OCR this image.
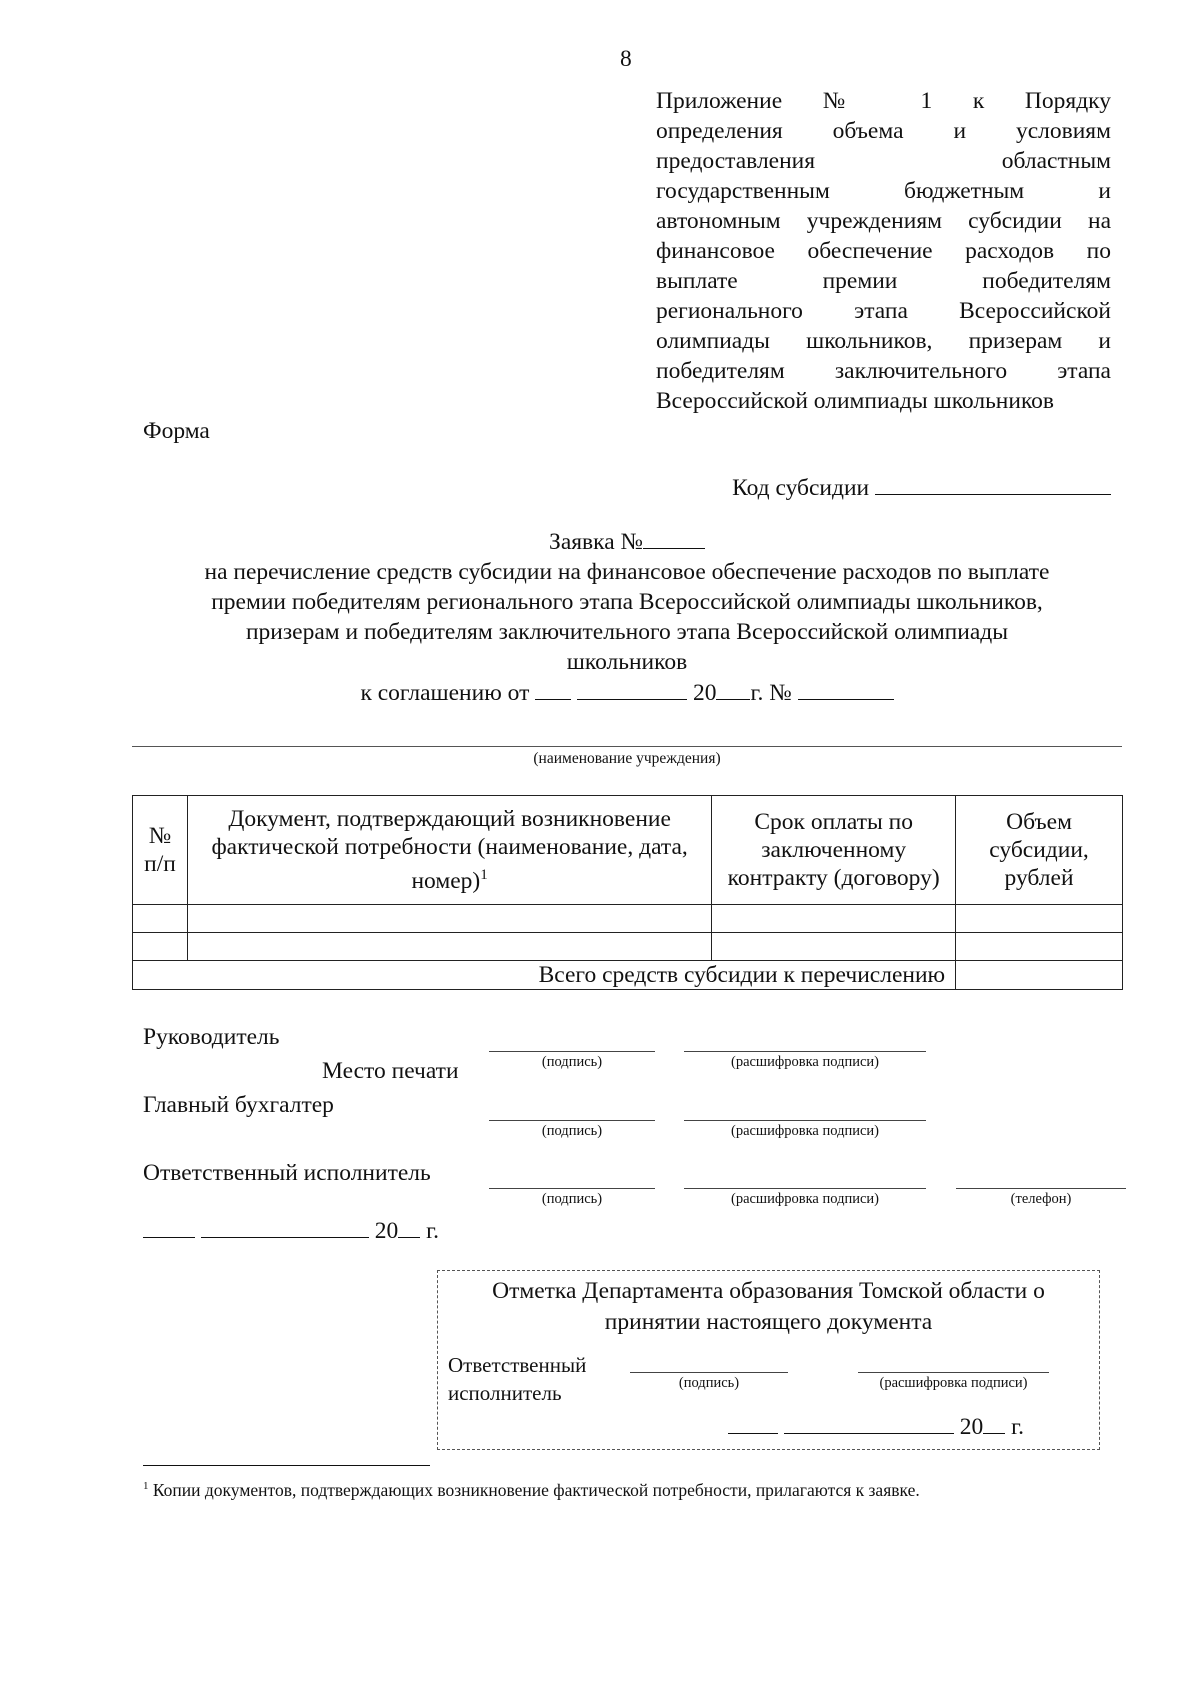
8
Приложение № 1 к Порядку
определения объема и условиям
предоставления областным
государственным бюджетным и
автономным учреждениям субсидии на
финансовое обеспечение расходов по
выплате премии победителям
регионального этапа Всероссийской
олимпиады школьников, призерам и
победителям заключительного этапа
Всероссийской олимпиады школьников
Форма
Код субсидии
Заявка №
на перечисление средств субсидии на финансовое обеспечение расходов по выплате
премии победителям регионального этапа Всероссийской олимпиады школьников,
призерам и победителям заключительного этапа Всероссийской олимпиады
школьников
к соглашению от	20 г. №
(наименование учреждения)
№ п/п	Документ, подтверждающий возникновение фактической потребности (наименование, дата, номер)$^1$	Срок оплаты по заключенному контракту (договору)	Объем субсидии, рублей

Всего средств субсидии к перечислению			
Руководитель
Место печати
Главный бухгалтер
Ответственный исполнитель
(подпись)	(расшифровка подписи)
(подпись)	(расшифровка подписи)
(подпись)	(расшифровка подписи)	(телефон)
20 г.
Отметка Департамента образования Томской области о
принятии настоящего документа
Ответственный
исполнитель	(подпись)	(расшифровка подписи)
20 г.
$^1$ Копии документов, подтверждающих возникновение фактической потребности, прилагаются к заявке.
